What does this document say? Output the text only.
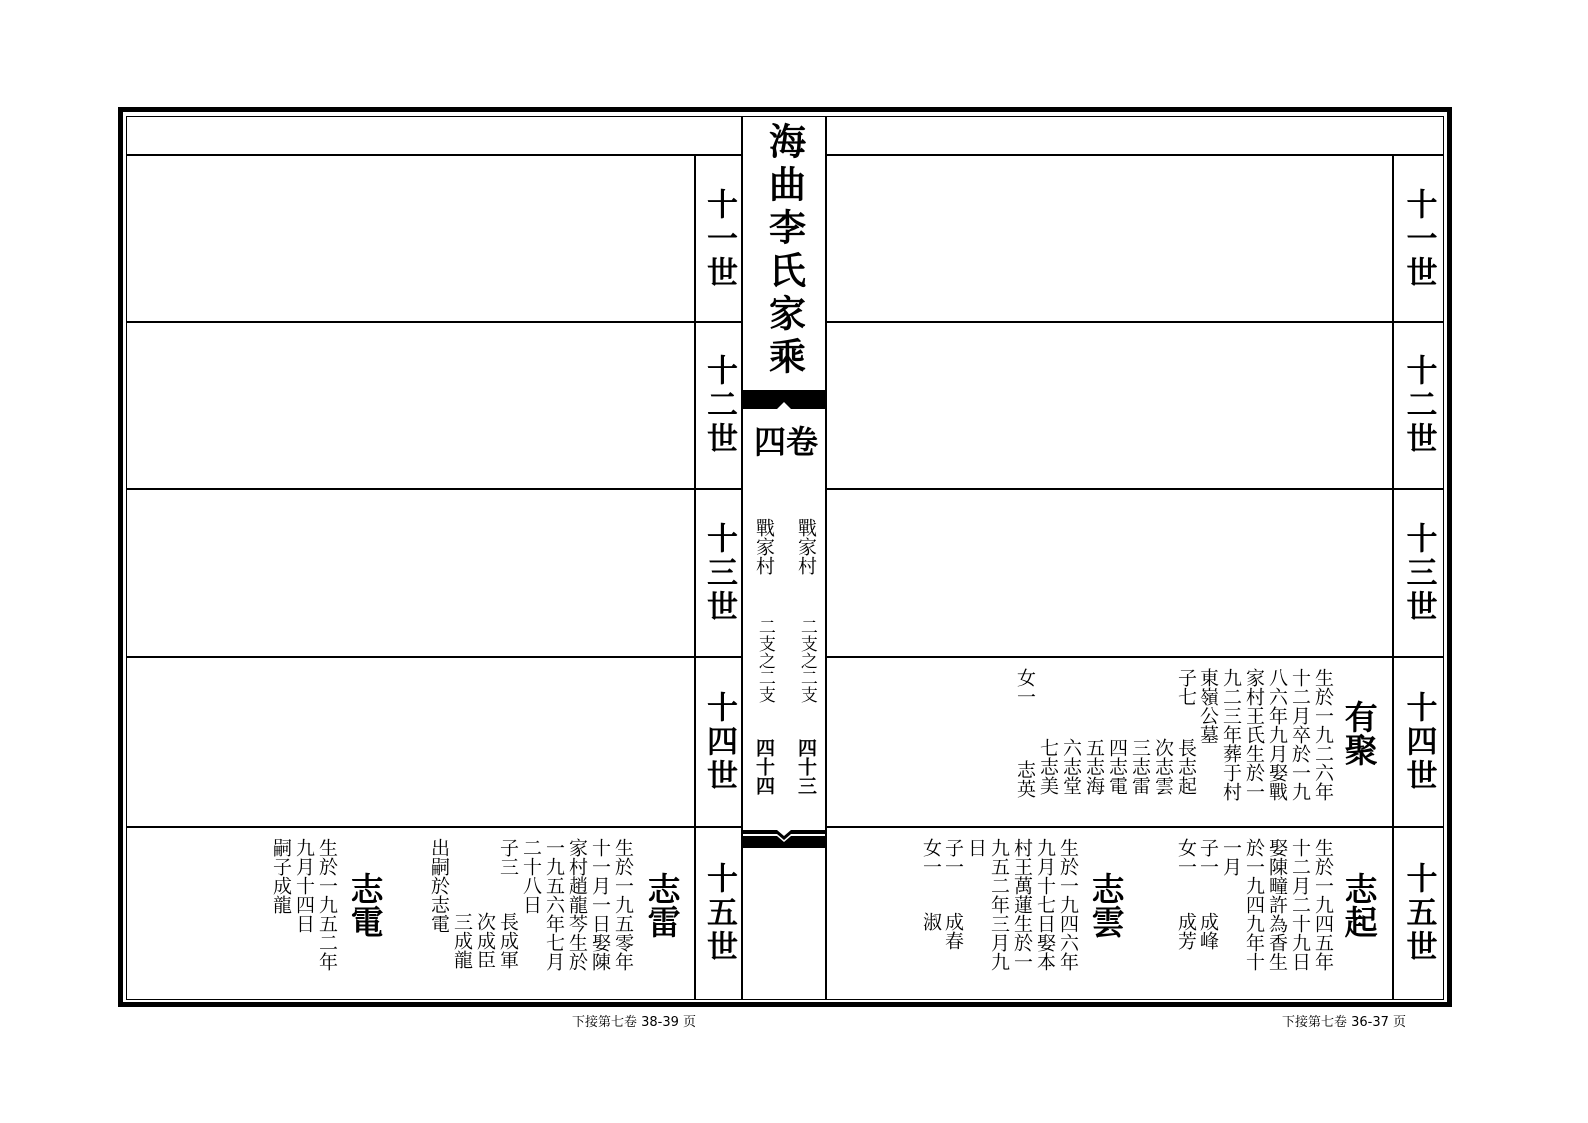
十一世
十二世
十三世
十四世
十五世
十一世
十二世
十三世
十四世
十五世
海曲李氏家乘
卷四
戰家村
戰家村
二支之二支
二支之二支
四十三
四十四
有聚
生於一九二六年
十二月卒於一九
八六年九月娶戰
家村王氏生於一
九二三年葬于村
東嶺公墓
子七
長志起
次志雲
三志雷
四志電
五志海
六志堂
七志美
志英
女一
志起
生於一九四五年
十二月二十九日
娶陳疃許為香生
於一九四九年十
一月
子一
女一
成峰
成芳
志雲
生於一九四六年
九月十七日娶本
村王萬蓮生於一
九五二年三月九
日
子一
女一
成春
淑
志雷
生於一九五零年
十一月一日娶陳
家村趙龍芩生於
一九五六年七月
二十八日
子三
長成軍
次成臣
三成龍
出嗣於志電
志電
生於一九五二年
九月十四日
嗣子成龍
下接第七卷 38-39 页	下接第七卷 36-37 页
